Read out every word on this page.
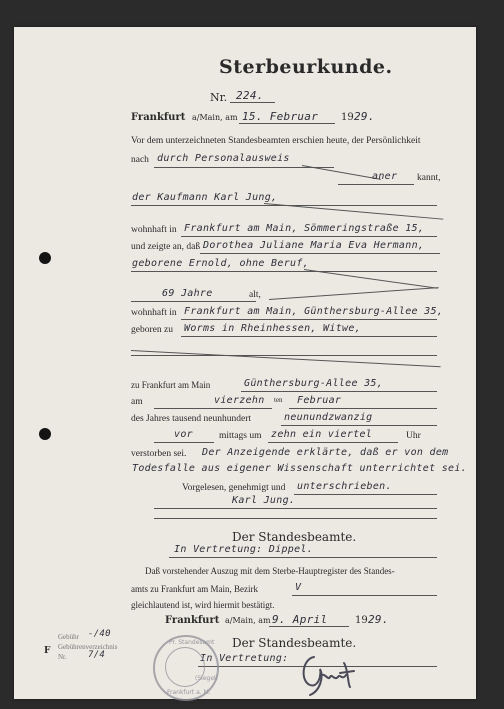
Sterbeurkunde.
Nr. 224.
Frankfurt a/Main, am 15. Februar 19 29.
Vor dem unterzeichneten Standesbeamten erschien heute, der Persönlichkeit
nach durch Personalausweis
aner kannt,
der Kaufmann Karl Jung,
wohnhaft in Frankfurt am Main, Sömmeringstraße 15,
und zeigte an, daß Dorothea Juliane Maria Eva Hermann,
geborene Ernold, ohne Beruf,
69 Jahre	alt,
wohnhaft in Frankfurt am Main, Günthersburg-Allee 35,
geboren zu Worms in Rheinhessen, Witwe,
zu Frankfurt am Main	Günthersburg-Allee 35,
am	vierzehn ten Februar
des Jahres tausend neunhundert	neunundzwanzig
vor	mittags um zehn ein viertel	Uhr
verstorben sei. Der Anzeigende erklärte, daß er von dem
Todesfalle aus eigener Wissenschaft unterrichtet sei.
Vorgelesen, genehmigt und unterschrieben.
Karl Jung.
Der Standesbeamte.
In Vertretung: Dippel.
Daß vorstehender Auszug mit dem Sterbe-Hauptregister des Standes-
amts zu Frankfurt am Main, Bezirk	V
gleichlautend ist, wird hiermit bestätigt.
Frankfurt a/Main, am 9. April	19 29.
Der Standesbeamte.
In Vertretung:
Pr. Standesamt
Frankfurt a. M.
(Siegel)
Gebühr -/40
Gebührenverzeichnis
Nr. 7/4
F
